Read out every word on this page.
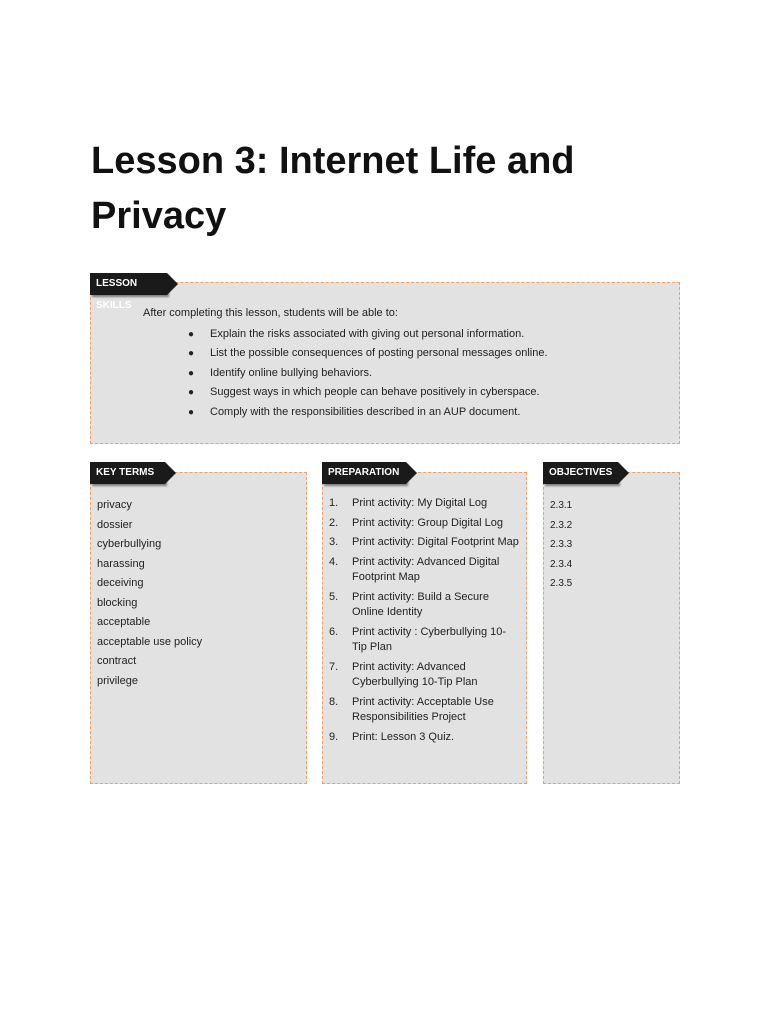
Lesson 3: Internet Life and Privacy
LESSON SKILLS
After completing this lesson, students will be able to:
● Explain the risks associated with giving out personal information.
● List the possible consequences of posting personal messages online.
● Identify online bullying behaviors.
● Suggest ways in which people can behave positively in cyberspace.
● Comply with the responsibilities described in an AUP document.
KEY TERMS
privacy
dossier
cyberbullying
harassing
deceiving
blocking
acceptable
acceptable use policy
contract
privilege
PREPARATION
1. Print activity: My Digital Log
2. Print activity: Group Digital Log
3. Print activity: Digital Footprint Map
4. Print activity: Advanced Digital Footprint Map
5. Print activity: Build a Secure Online Identity
6. Print activity : Cyberbullying 10-Tip Plan
7. Print activity: Advanced Cyberbullying 10-Tip Plan
8. Print activity: Acceptable Use Responsibilities Project
9. Print: Lesson 3 Quiz.
OBJECTIVES
2.3.1
2.3.2
2.3.3
2.3.4
2.3.5
